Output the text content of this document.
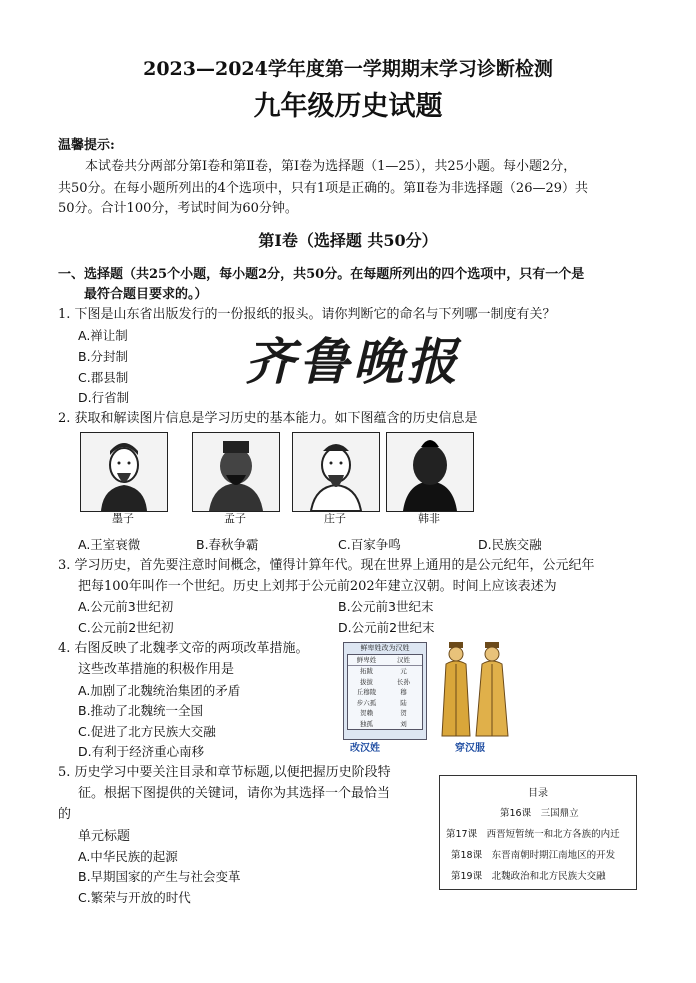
2023—2024学年度第一学期期末学习诊断检测
九年级历史试题
温馨提示:
本试卷共分两部分第Ⅰ卷和第Ⅱ卷，第Ⅰ卷为选择题（1—25），共25小题。每小题2分，
共50分。在每小题所列出的4个选项中，只有1项是正确的。第Ⅱ卷为非选择题（26—29）共
50分。合计100分，考试时间为60分钟。
第Ⅰ卷（选择题 共50分）
一、选择题（共25个小题，每小题2分，共50分。在每题所列出的四个选项中，只有一个是
最符合题目要求的。）
1. 下图是山东省出版发行的一份报纸的报头。请你判断它的命名与下列哪一制度有关？
A.禅让制
B.分封制
C.郡县制
D.行省制
齐鲁晚报
2. 获取和解读图片信息是学习历史的基本能力。如下图蕴含的历史信息是
墨子	孟子	庄子	韩非
A.王室衰微	B.春秋争霸	C.百家争鸣	D.民族交融
3. 学习历史，首先要注意时间概念，懂得计算年代。现在世界上通用的是公元纪年，公元纪年
把每100年叫作一个世纪。历史上刘邦于公元前202年建立汉朝。时间上应该表述为
A.公元前3世纪初	B.公元前3世纪末
C.公元前2世纪初	D.公元前2世纪末
4. 右图反映了北魏孝文帝的两项改革措施。
这些改革措施的积极作用是
A.加剧了北魏统治集团的矛盾
B.推动了北魏统一全国
C.促进了北方民族大交融
D.有利于经济重心南移
鲜卑姓改为汉姓
鲜卑姓	汉姓
拓跋	元
拔拔	长孙
丘穆陵	穆
步六孤	陆
贺赖	贺
独孤	刘
改汉姓	穿汉服
5. 历史学习中要关注目录和章节标题,以便把握历史阶段特
征。根据下图提供的关键词，请你为其选择一个最恰当
的
单元标题
A.中华民族的起源
B.早期国家的产生与社会变革
C.繁荣与开放的时代
目录
第16课　三国鼎立
第17课　西晋短暂统一和北方各族的内迁
第18课　东晋南朝时期江南地区的开发
第19课　北魏政治和北方民族大交融
